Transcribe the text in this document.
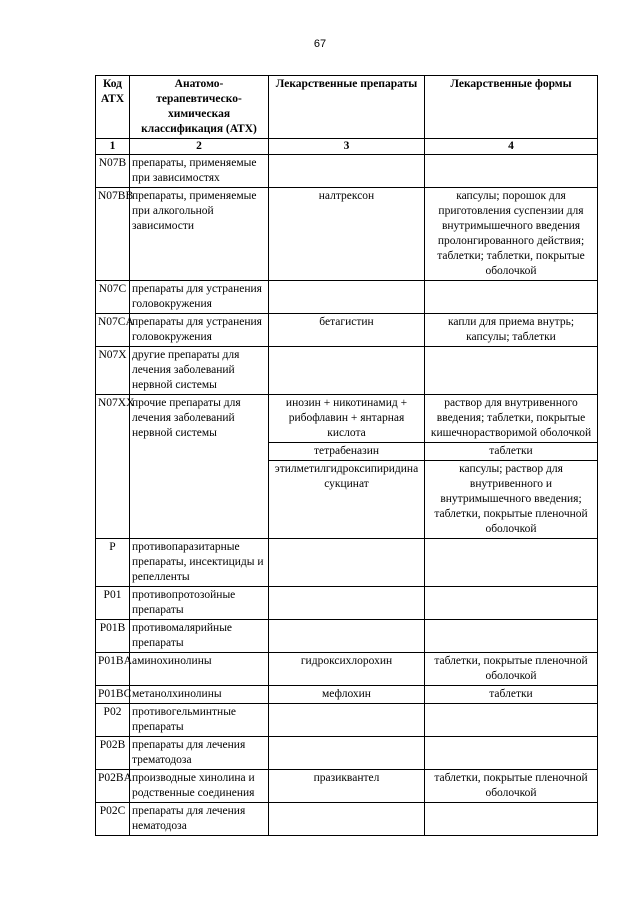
67
Код АТХ	Анатомо-терапевтическо-химическая классификация (АТХ)	Лекарственные препараты	Лекарственные формы
1	2	3	4
N07B	препараты, применяемые при зависимостях		
N07BB	препараты, применяемые при алкогольной зависимости	налтрексон	капсулы; порошок для приготовления суспензии для внутримышечного введения пролонгированного действия; таблетки; таблетки, покрытые оболочкой
N07C	препараты для устранения головокружения		
N07CA	препараты для устранения головокружения	бетагистин	капли для приема внутрь; капсулы; таблетки
N07X	другие препараты для лечения заболеваний нервной системы		
N07XX	прочие препараты для лечения заболеваний нервной системы	инозин + никотинамид + рибофлавин + янтарная кислота	раствор для внутривенного введения; таблетки, покрытые кишечнорастворимой оболочкой
		тетрабеназин	таблетки
		этилметилгидроксипиридина сукцинат	капсулы; раствор для внутривенного и внутримышечного введения; таблетки, покрытые пленочной оболочкой
P	противопаразитарные препараты, инсектициды и репелленты		
P01	противопротозойные препараты		
P01B	противомалярийные препараты		
P01BA	аминохинолины	гидроксихлорохин	таблетки, покрытые пленочной оболочкой
P01BC	метанолхинолины	мефлохин	таблетки
P02	противогельминтные препараты		
P02B	препараты для лечения трематодоза		
P02BA	производные хинолина и родственные соединения	празиквантел	таблетки, покрытые пленочной оболочкой
P02C	препараты для лечения нематодоза		
